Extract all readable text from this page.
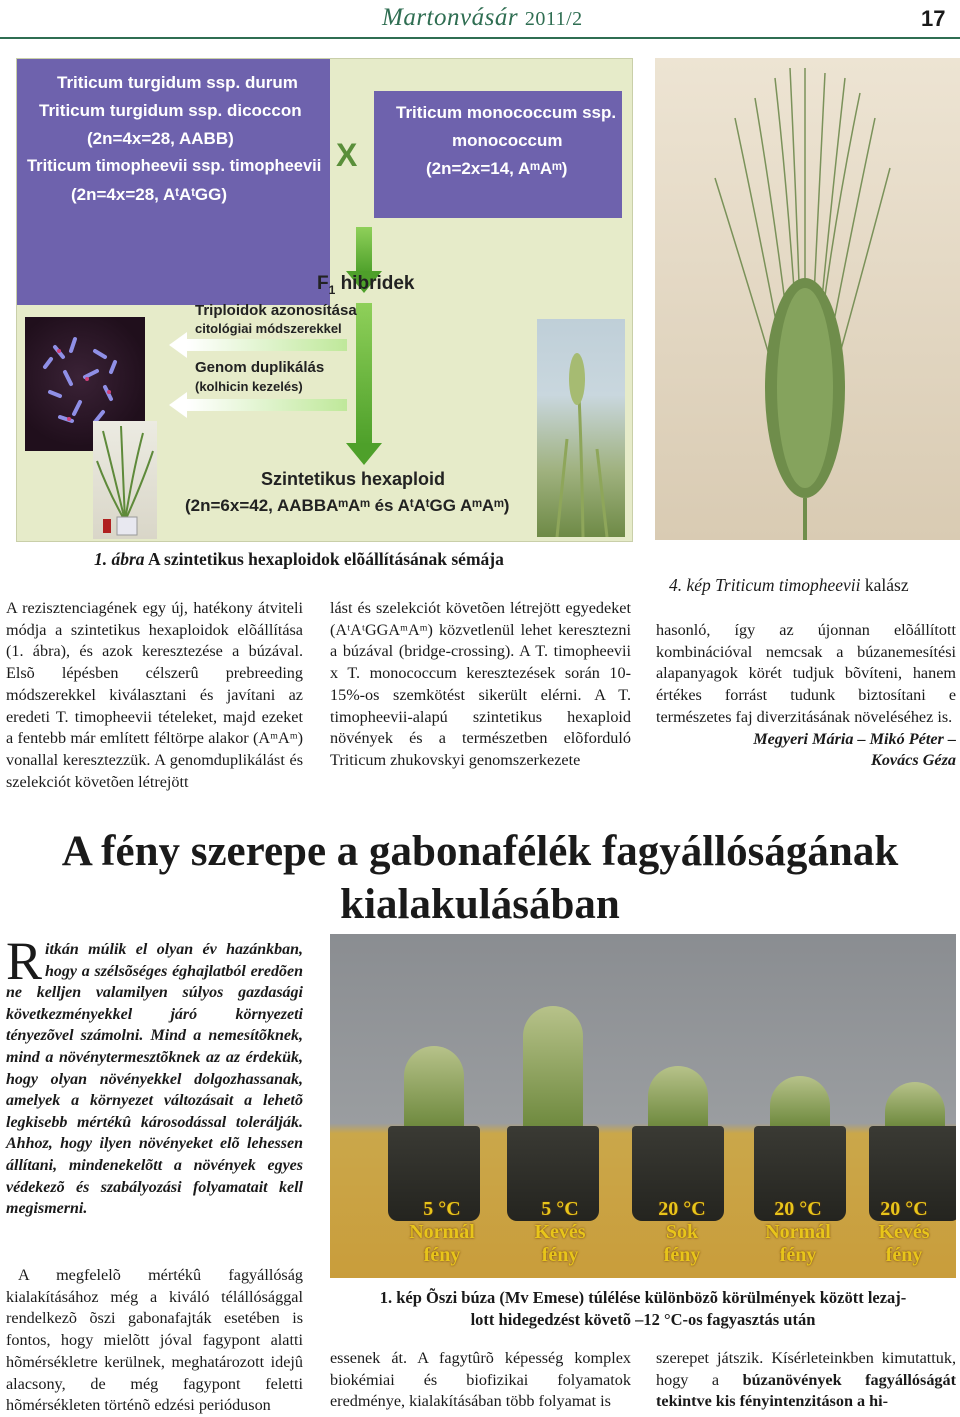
Martonvásár 2011/2	17
Triticum turgidum ssp. durum
Triticum turgidum ssp. dicoccon
(2n=4x=28, AABB)
Triticum timopheevii ssp. timopheevii
(2n=4x=28, AᵗAᵗGG)
X
Triticum monococcum ssp.
monococcum
(2n=2x=14, AᵐAᵐ)
$F_1$ hibridek
Triploidok azonosítása
citológiai módszerekkel
Genom duplikálás
(kolhicin kezelés)
Szintetikus hexaploid
(2n=6x=42, AABBAᵐAᵐ és AᵗAᵗGG AᵐAᵐ)
1. ábra A szintetikus hexaploidok elõállításának sémája
4. kép Triticum timopheevii kalász

A rezisztenciagének egy új, hatékony átviteli módja a szintetikus hexaploidok elõállítása (1. ábra), és azok keresztezése a búzával. Elsõ lépésben célszerû prebreeding módszerekkel kiválasztani és javítani az eredeti T. timopheevii tételeket, majd ezeket a fentebb már említett féltörpe alakor (AᵐAᵐ) vonallal keresztezzük. A genomduplikálást és szelekciót követõen létrejött

lást és szelekciót követõen létrejött egyedeket (AᵗAᵗGGAᵐAᵐ) közvetlenül lehet keresztezni a búzával (bridge-crossing). A T. timopheevii x T. monococcum keresztezések során 10-15%-os szemkötést sikerült elérni. A T. timopheevii-alapú szintetikus hexaploid növények és a természetben elõforduló Triticum zhukovskyi genomszerkezete

hasonló, így az újonnan elõállított kombinációval nemcsak a búzanemesítési alapanyagok körét tudjuk bõvíteni, hanem értékes forrást tudunk biztosítani e természetes faj diverzitásának növeléséhez is.

Megyeri Mária – Mikó Péter –
Kovács Géza
A fény szerepe a gabonafélék fagyállóságának
kialakulásában
Ritkán múlik el olyan év hazánkban, hogy a szélsõséges éghajlatból eredõen ne kelljen valamilyen súlyos gazdasági következményekkel járó környezeti tényezõvel számolni. Mind a nemesítõknek, mind a növénytermesztõknek az az érdekük, hogy olyan növényekkel dolgozhassanak, amelyek a környezet változásait a lehetõ legkisebb mértékû károsodással tolerálják. Ahhoz, hogy ilyen növényeket elõ lehessen állítani, mindenekelõtt a növények egyes védekezõ és szabályozási folyamatait kell megismerni.

A megfelelõ mértékû fagyállóság kialakításához még a kiváló télállósággal rendelkezõ õszi gabonafajták esetében is fontos, hogy mielõtt jóval fagypont alatti hõmérsékletre kerülnek, meghatározott idejû alacsony, de még fagypont feletti hõmérsékleten történõ edzési perióduson

5 °C
Normál
fény
5 °C
Kevés
fény
20 °C
Sok
fény
20 °C
Normál
fény
20 °C
Kevés
fény
1. kép Õszi búza (Mv Emese) túlélése különbözõ körülmények között lezaj-
lott hidegedzést követõ –12 °C-os fagyasztás után

essenek át. A fagytûrõ képesség komplex biokémiai és biofizikai folyamatok eredménye, kialakításában több folyamat is

szerepet játszik. Kísérleteinkben kimutattuk, hogy a búzanövények fagyállóságát tekintve kis fényintenzitáson a hi-
